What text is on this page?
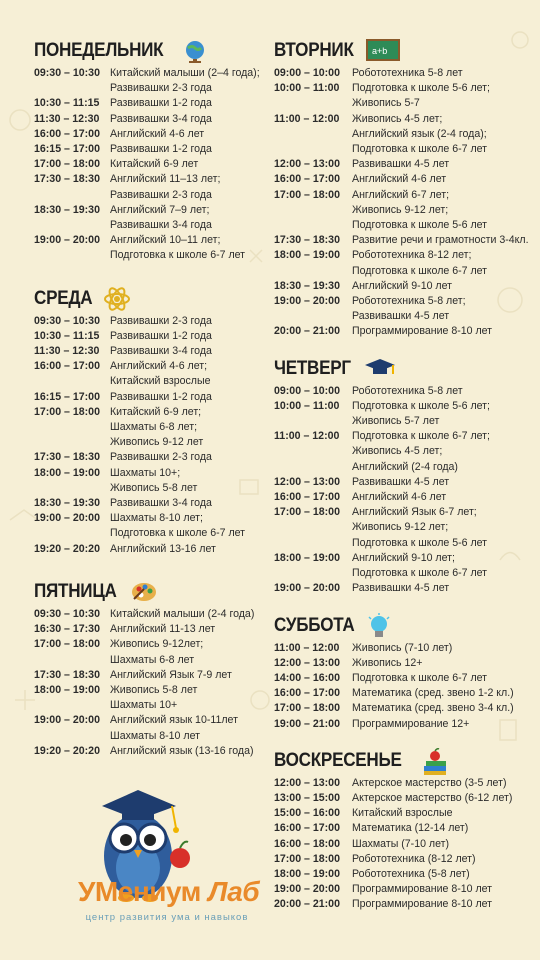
ПОНЕДЕЛЬНИК
09:30 – 10:30 Китайский малыши (2–4 года);
Развивашки 2-3 года
10:30 – 11:15	Развивашки 1-2 года
11:30 – 12:30	Развивашки 3-4 года
16:00 – 17:00 Английский 4-6 лет
16:15 – 17:00 Развивашки 1-2 года
17:00 – 18:00 Китайский 6-9 лет
17:30 – 18:30 Английский 11–13 лет;
Развивашки 2-3 года
18:30 – 19:30 Английский 7–9 лет;
Развивашки 3-4 года
19:00 – 20:00 Английский 10–11 лет;
Подготовка к школе 6-7 лет
СРЕДА
09:30 – 10:30 Развивашки 2-3 года
10:30 – 11:15	Развивашки 1-2 года
11:30 – 12:30	Развивашки 3-4 года
16:00 – 17:00 Английский 4-6 лет;
Китайский взрослые
16:15 – 17:00 Развивашки 1-2 года
17:00 – 18:00 Китайский 6-9 лет;
Шахматы 6-8 лет;
Живопись 9-12 лет
17:30 – 18:30 Развивашки 2-3 года
18:00 – 19:00 Шахматы 10+;
Живопись 5-8 лет
18:30 – 19:30 Развивашки 3-4 года
19:00 – 20:00 Шахматы 8-10 лет;
Подготовка к школе 6-7 лет
19:20 – 20:20 Английский 13-16 лет
ПЯТНИЦА
09:30 – 10:30 Китайский малыши (2-4 года)
16:30 – 17:30 Английский 11-13 лет
17:00 – 18:00 Живопись 9-12лет;
Шахматы 6-8 лет
17:30 – 18:30 Английский Язык 7-9 лет
18:00 – 19:00 Живопись 5-8 лет
Шахматы 10+
19:00 – 20:00 Английский язык 10-11лет
Шахматы 8-10 лет
19:20 – 20:20 Английский язык (13-16 года)
ВТОРНИК a+b
09:00 – 10:00	Робототехника 5-8 лет
10:00 – 11:00	Подготовка к школе 5-6 лет;
Живопись 5-7
11:00 – 12:00	Живопись 4-5 лет;
Английский язык (2-4 года);
Подготовка к школе 6-7 лет
12:00 – 13:00	Развивашки 4-5 лет
16:00 – 17:00	Английский 4-6 лет
17:00 – 18:00	Английский 6-7 лет;
Живопись 9-12 лет;
Подготовка к школе 5-6 лет
17:30 – 18:30	Развитие речи и грамотности 3-4кл.
18:00 – 19:00	Робототехника 8-12 лет;
Подготовка к школе 6-7 лет
18:30 – 19:30	Английский 9-10 лет
19:00 – 20:00	Робототехника 5-8 лет;
Развивашки 4-5 лет
20:00 – 21:00	Программирование 8-10 лет
ЧЕТВЕРГ
09:00 – 10:00	Робототехника 5-8 лет
10:00 – 11:00	Подготовка к школе 5-6 лет;
Живопись 5-7 лет
11:00 – 12:00	Подготовка к школе 6-7 лет;
Живопись 4-5 лет;
Английский (2-4 года)
12:00 – 13:00	Развивашки 4-5 лет
16:00 – 17:00	Английский 4-6 лет
17:00 – 18:00	Английский Язык 6-7 лет;
Живопись 9-12 лет;
Подготовка к школе 5-6 лет
18:00 – 19:00	Английский 9-10 лет;
Подготовка к школе 6-7 лет
19:00 – 20:00	Развивашки 4-5 лет
СУББОТА
11:00 – 12:00	Живопись (7-10 лет)
12:00 – 13:00	Живопись 12+
14:00 – 16:00	Подготовка к школе 6-7 лет
16:00 – 17:00	Математика (сред. звено 1-2 кл.)
17:00 – 18:00	Математика (сред. звено 3-4 кл.)
19:00 – 21:00	Программирование 12+
ВОСКРЕСЕНЬЕ
12:00 – 13:00	Актерское мастерство (3-5 лет)
13:00 – 15:00	Актерское мастерство (6-12 лет)
15:00 – 16:00	Китайский взрослые
16:00 – 17:00	Математика (12-14 лет)
16:00 – 18:00	Шахматы (7-10 лет)
17:00 – 18:00	Робототехника (8-12 лет)
18:00 – 19:00	Робототехника (5-8 лет)
19:00 – 20:00	Программирование 8-10 лет
20:00 – 21:00	Программирование 8-10 лет
УМениум Лаб
центр развития ума и навыков
